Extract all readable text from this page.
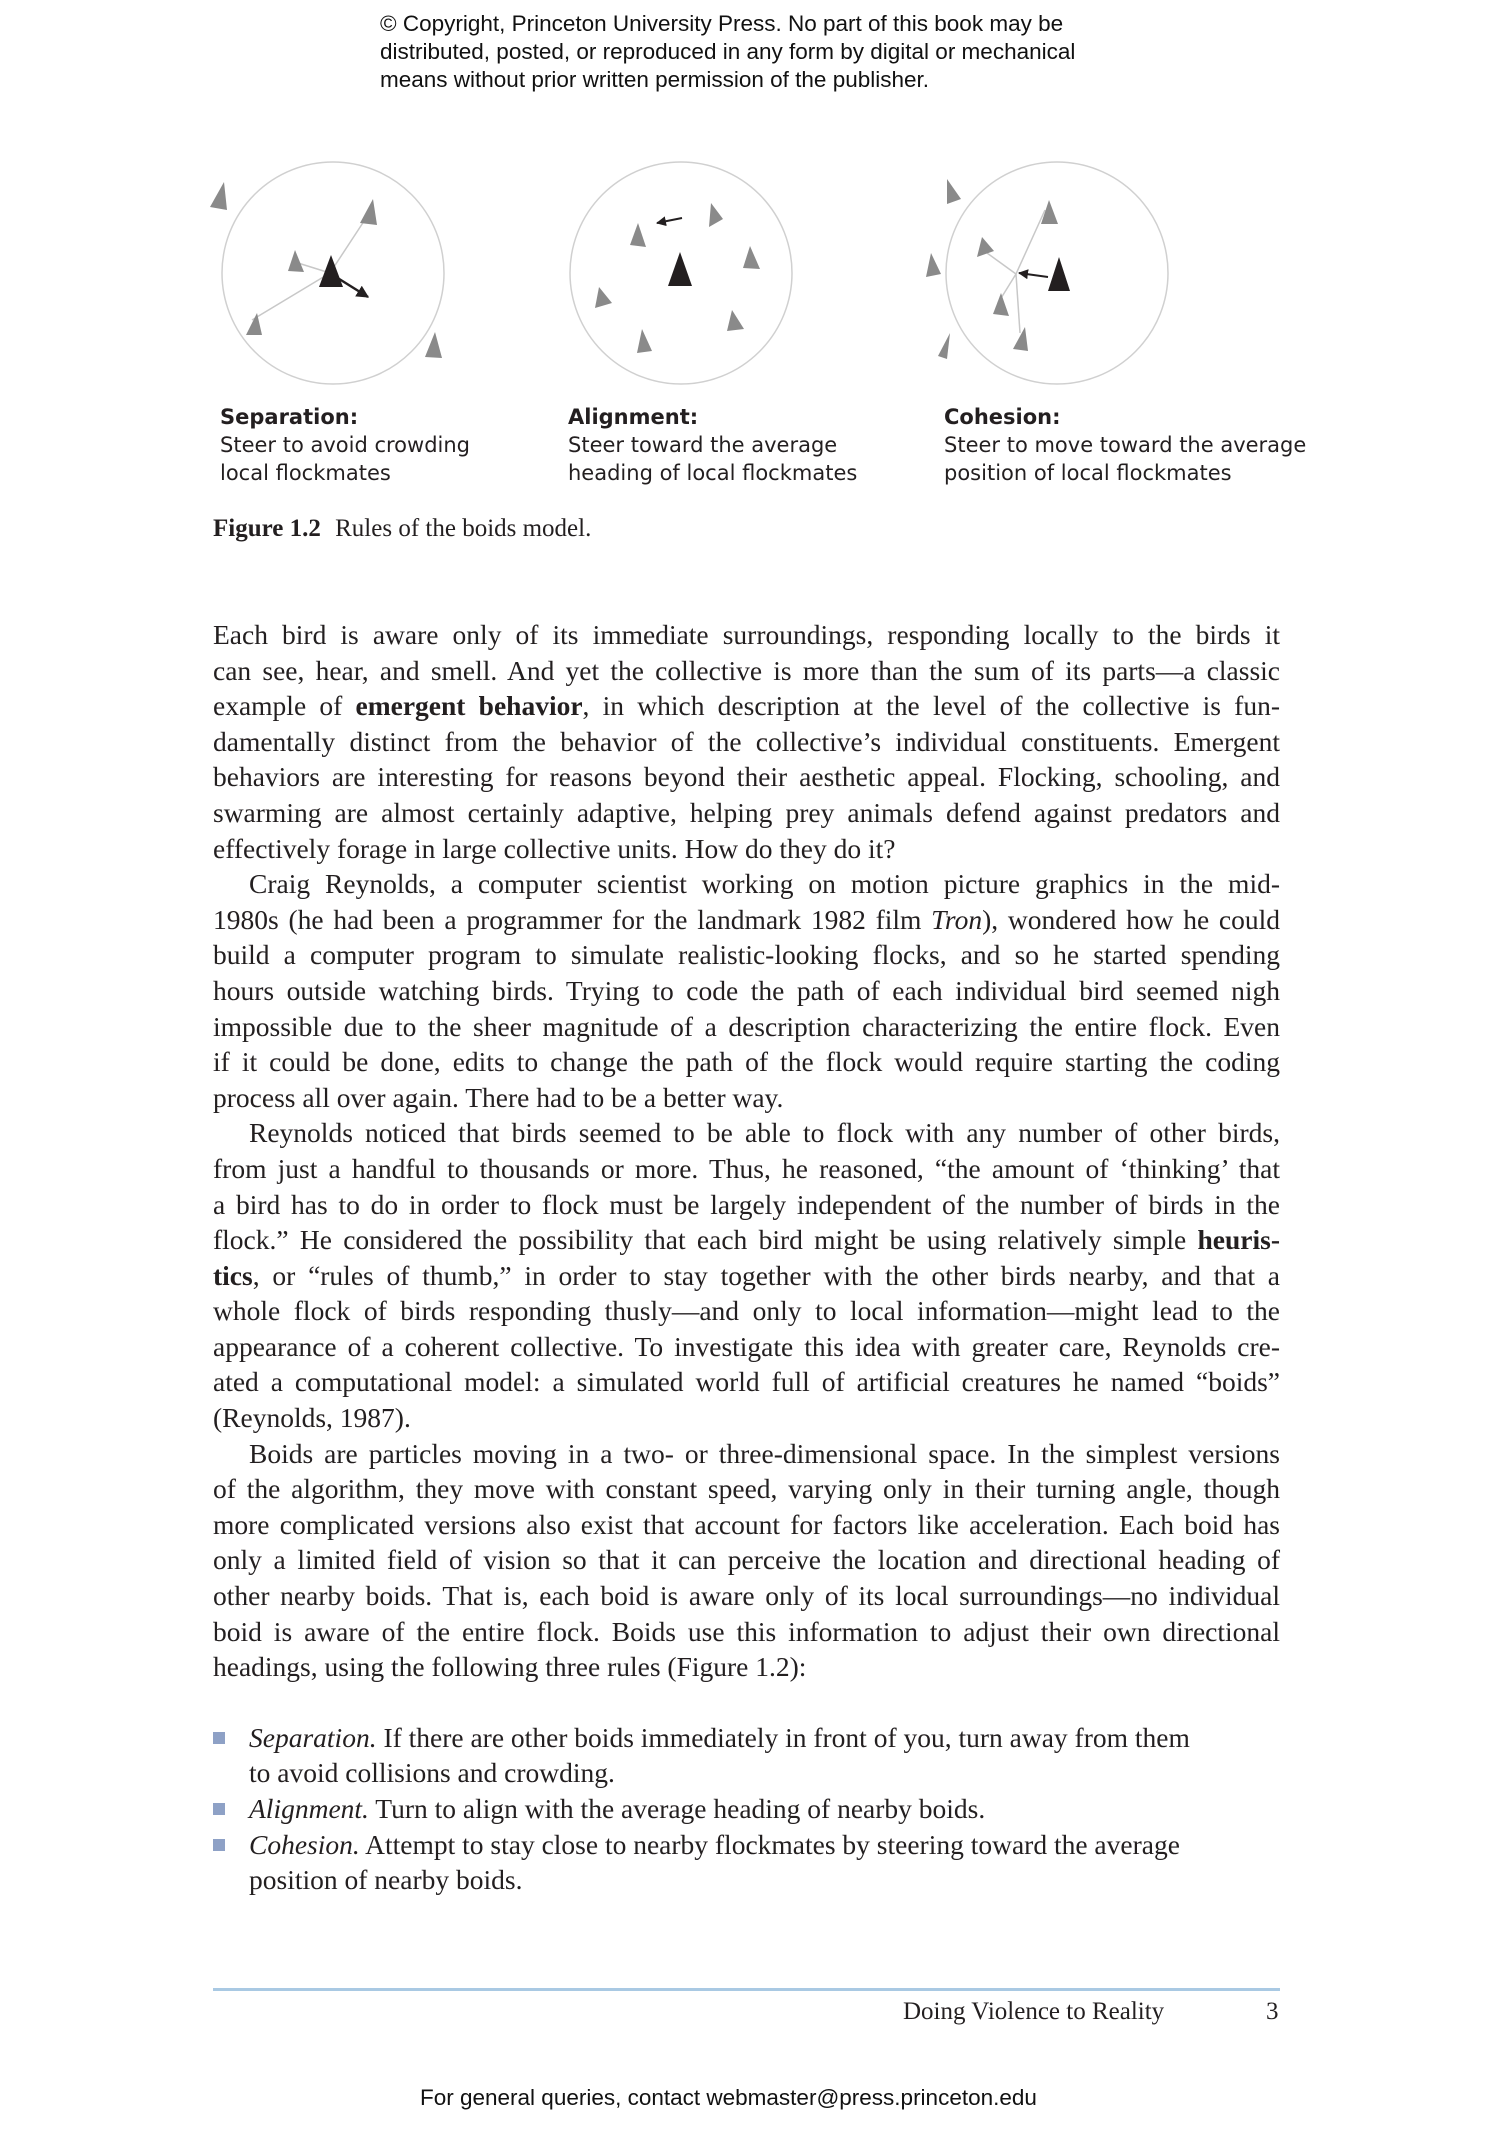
© Copyright, Princeton University Press. No part of this book may be
distributed, posted, or reproduced in any form by digital or mechanical
means without prior written permission of the publisher.
Separation:
Steer to avoid crowding
local flockmates
Alignment:
Steer toward the average
heading of local flockmates
Cohesion:
Steer to move toward the average
position of local flockmates
Figure 1.2 Rules of the boids model.
Each bird is aware only of its immediate surroundings, responding locally to the birds it
can see, hear, and smell. And yet the collective is more than the sum of its parts—a classic
example of emergent behavior, in which description at the level of the collective is fun-
damentally distinct from the behavior of the collective’s individual constituents. Emergent
behaviors are interesting for reasons beyond their aesthetic appeal. Flocking, schooling, and
swarming are almost certainly adaptive, helping prey animals defend against predators and
effectively forage in large collective units. How do they do it?
Craig Reynolds, a computer scientist working on motion picture graphics in the mid-
1980s (he had been a programmer for the landmark 1982 film Tron), wondered how he could
build a computer program to simulate realistic-looking flocks, and so he started spending
hours outside watching birds. Trying to code the path of each individual bird seemed nigh
impossible due to the sheer magnitude of a description characterizing the entire flock. Even
if it could be done, edits to change the path of the flock would require starting the coding
process all over again. There had to be a better way.
Reynolds noticed that birds seemed to be able to flock with any number of other birds,
from just a handful to thousands or more. Thus, he reasoned, “the amount of ‘thinking’ that
a bird has to do in order to flock must be largely independent of the number of birds in the
flock.” He considered the possibility that each bird might be using relatively simple heuris-
tics, or “rules of thumb,” in order to stay together with the other birds nearby, and that a
whole flock of birds responding thusly—and only to local information—might lead to the
appearance of a coherent collective. To investigate this idea with greater care, Reynolds cre-
ated a computational model: a simulated world full of artificial creatures he named “boids”
(Reynolds, 1987).
Boids are particles moving in a two- or three-dimensional space. In the simplest versions
of the algorithm, they move with constant speed, varying only in their turning angle, though
more complicated versions also exist that account for factors like acceleration. Each boid has
only a limited field of vision so that it can perceive the location and directional heading of
other nearby boids. That is, each boid is aware only of its local surroundings—no individual
boid is aware of the entire flock. Boids use this information to adjust their own directional
headings, using the following three rules (Figure 1.2):
Separation. If there are other boids immediately in front of you, turn away from them
to avoid collisions and crowding.
Alignment. Turn to align with the average heading of nearby boids.
Cohesion. Attempt to stay close to nearby flockmates by steering toward the average
position of nearby boids.
Doing Violence to Reality	3
For general queries, contact webmaster@press.princeton.edu
